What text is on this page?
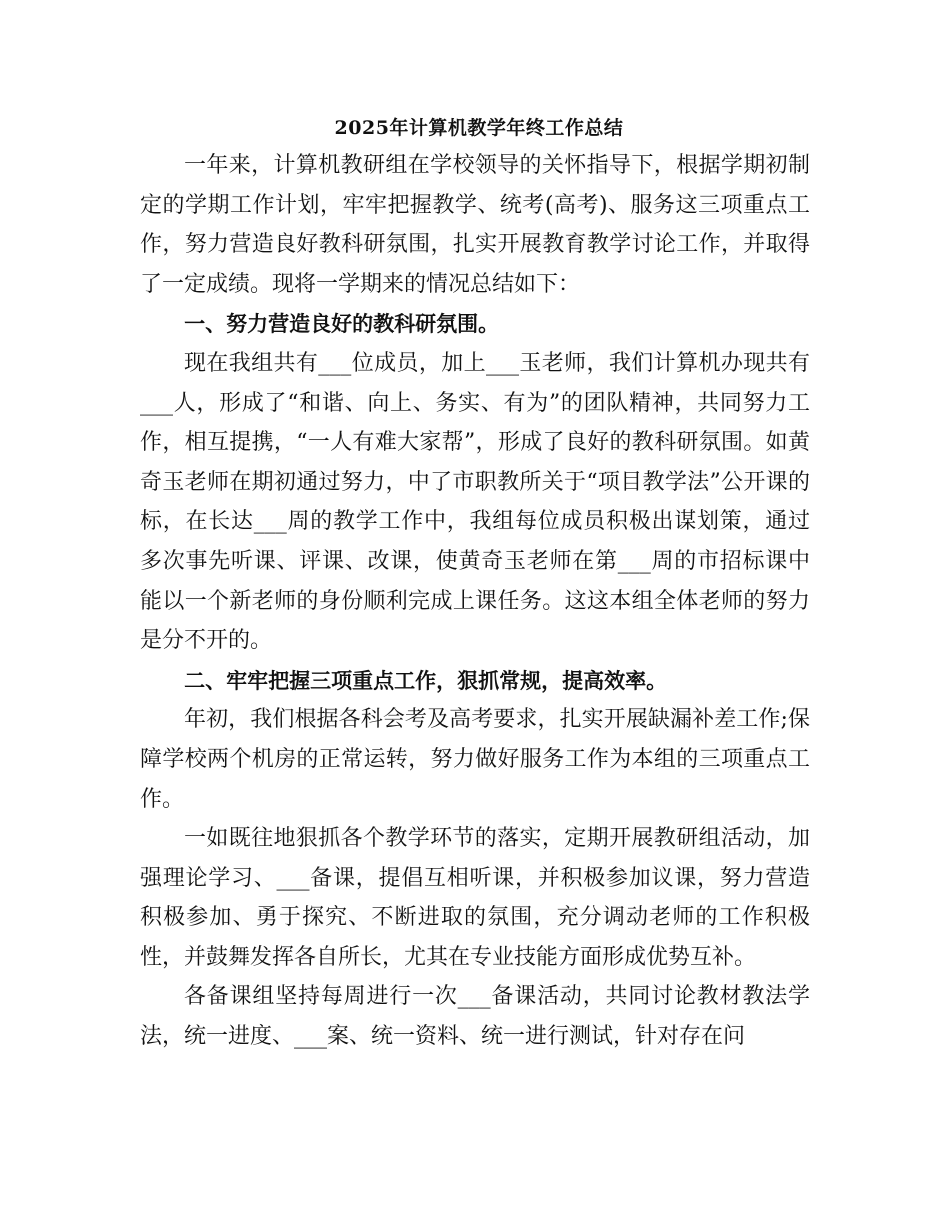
2025年计算机教学年终工作总结

一年来，计算机教研组在学校领导的关怀指导下，根据学期初制定的学期工作计划，牢牢把握教学、统考(高考)、服务这三项重点工作，努力营造良好教科研氛围，扎实开展教育教学讨论工作，并取得了一定成绩。现将一学期来的情况总结如下：

一、努力营造良好的教科研氛围。

现在我组共有___位成员，加上___玉老师，我们计算机办现共有___人，形成了“和谐、向上、务实、有为”的团队精神，共同努力工作，相互提携，“一人有难大家帮”，形成了良好的教科研氛围。如黄奇玉老师在期初通过努力，中了市职教所关于“项目教学法”公开课的标，在长达___周的教学工作中，我组每位成员积极出谋划策，通过多次事先听课、评课、改课，使黄奇玉老师在第___周的市招标课中能以一个新老师的身份顺利完成上课任务。这这本组全体老师的努力是分不开的。

二、牢牢把握三项重点工作，狠抓常规，提高效率。

年初，我们根据各科会考及高考要求，扎实开展缺漏补差工作;保障学校两个机房的正常运转，努力做好服务工作为本组的三项重点工作。

一如既往地狠抓各个教学环节的落实，定期开展教研组活动，加强理论学习、___备课，提倡互相听课，并积极参加议课，努力营造积极参加、勇于探究、不断进取的氛围，充分调动老师的工作积极性，并鼓舞发挥各自所长，尤其在专业技能方面形成优势互补。

各备课组坚持每周进行一次___备课活动，共同讨论教材教法学法，统一进度、___案、统一资料、统一进行测试，针对存在问
